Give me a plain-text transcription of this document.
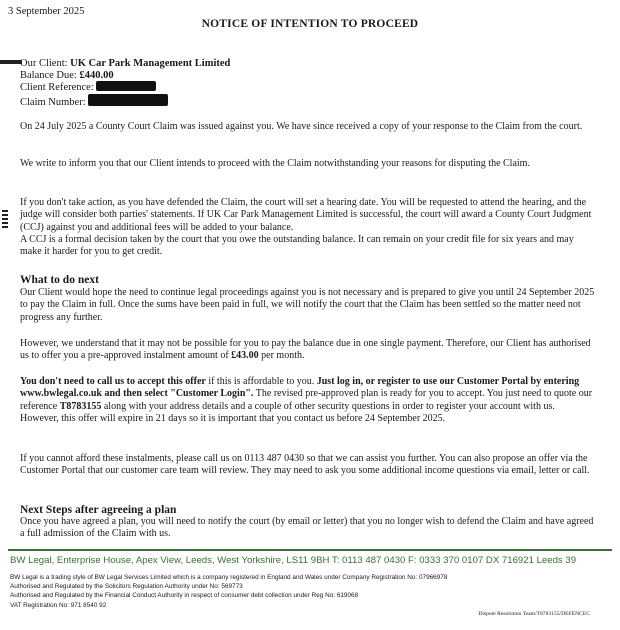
3 September 2025
NOTICE OF INTENTION TO PROCEED
Our Client: UK Car Park Management Limited
Balance Due: £440.00
Client Reference:
Claim Number:
On 24 July 2025 a County Court Claim was issued against you. We have since received a copy of your response to the Claim from the court.
We write to inform you that our Client intends to proceed with the Claim notwithstanding your reasons for disputing the Claim.
If you don't take action, as you have defended the Claim, the court will set a hearing date. You will be requested to attend the hearing, and the judge will consider both parties' statements. If UK Car Park Management Limited is successful, the court will award a County Court Judgment (CCJ) against you and additional fees will be added to your balance.
A CCJ is a formal decision taken by the court that you owe the outstanding balance. It can remain on your credit file for six years and may make it harder for you to get credit.
What to do next
Our Client would hope the need to continue legal proceedings against you is not necessary and is prepared to give you until 24 September 2025 to pay the Claim in full. Once the sums have been paid in full, we will notify the court that the Claim has been settled so the matter need not progress any further.
However, we understand that it may not be possible for you to pay the balance due in one single payment. Therefore, our Client has authorised us to offer you a pre-approved instalment amount of £43.00 per month.
You don't need to call us to accept this offer if this is affordable to you. Just log in, or register to use our Customer Portal by entering www.bwlegal.co.uk and then select "Customer Login". The revised pre-approved plan is ready for you to accept. You just need to quote our reference T8783155 along with your address details and a couple of other security questions in order to register your account with us. However, this offer will expire in 21 days so it is important that you contact us before 24 September 2025.
If you cannot afford these instalments, please call us on 0113 487 0430 so that we can assist you further. You can also propose an offer via the Customer Portal that our customer care team will review. They may need to ask you some additional income questions via email, letter or call.
Next Steps after agreeing a plan
Once you have agreed a plan, you will need to notify the court (by email or letter) that you no longer wish to defend the Claim and have agreed a full admission of the Claim with us.
BW Legal, Enterprise House, Apex View, Leeds, West Yorkshire, LS11 9BH T: 0113 487 0430 F: 0333 370 0107 DX 716921 Leeds 39
BW Legal is a trading style of BW Legal Services Limited which is a company registered in England and Wales under Company Registration No: 07966978
Authorised and Regulated by the Solicitors Regulation Authority under No: 569773
Authorised and Regulated by the Financial Conduct Authority in respect of consumer debt collection under Reg No: 619068
VAT Registration No: 971 8540 92
Dispute Resolution Team/T8783155/DEFENCEC
